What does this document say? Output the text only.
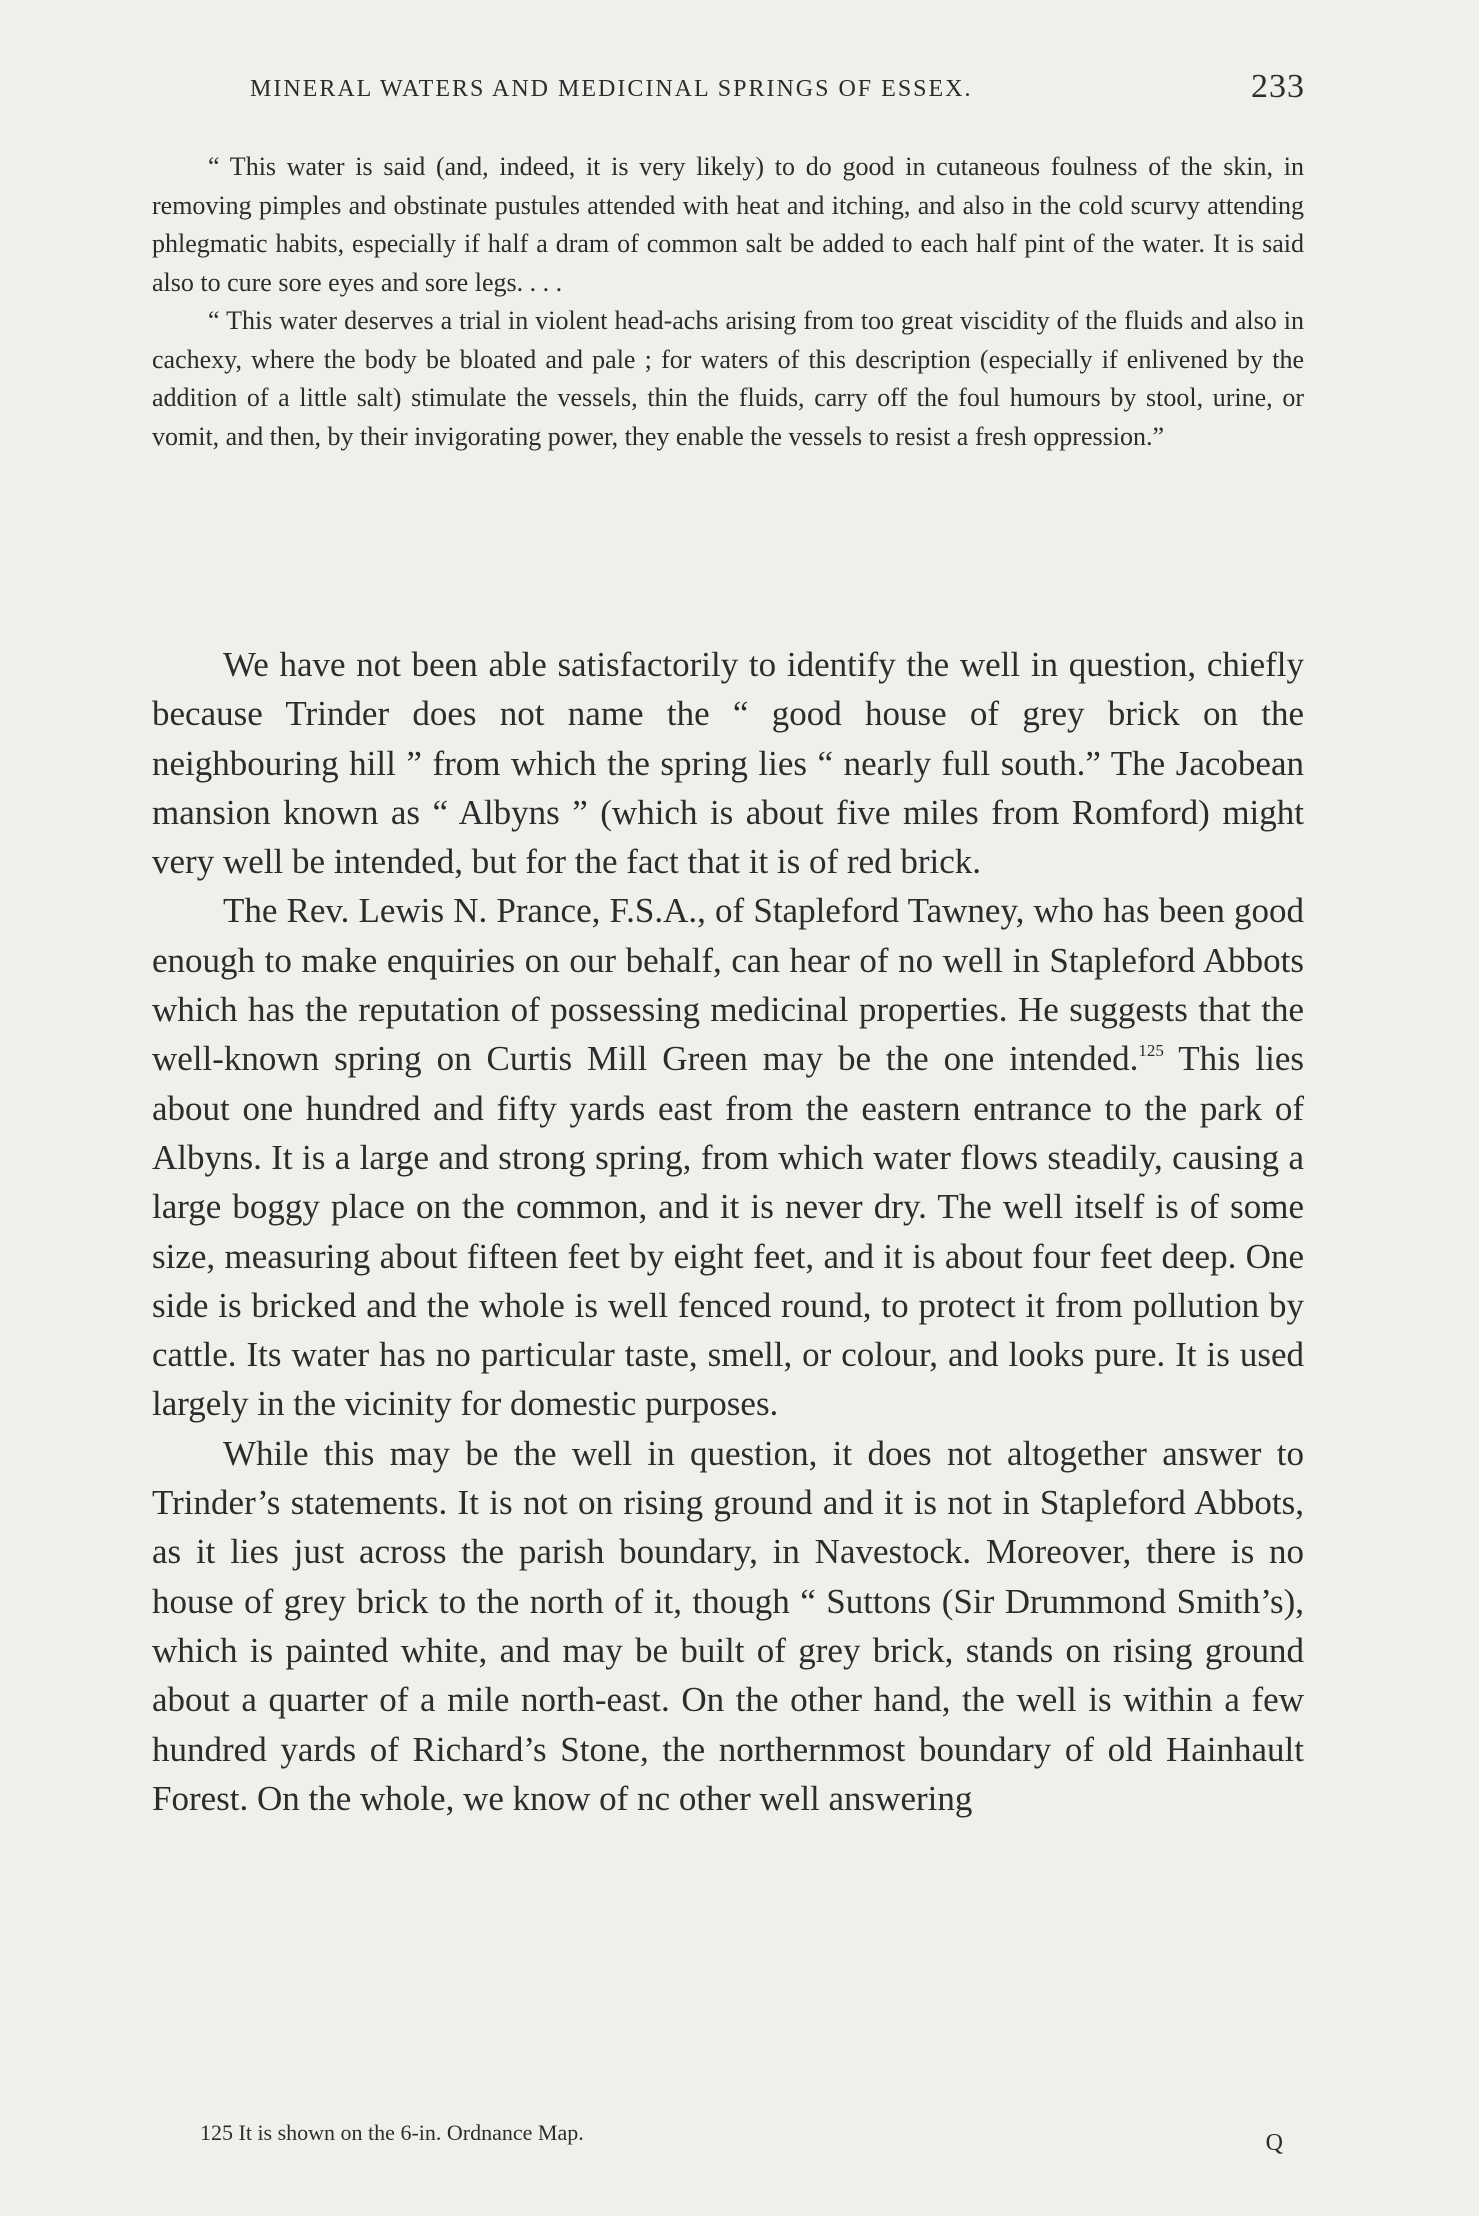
MINERAL WATERS AND MEDICINAL SPRINGS OF ESSEX.	233

“ This water is said (and, indeed, it is very likely) to do good in cutaneous foulness of the skin, in removing pimples and obstinate pustules attended with heat and itching, and also in the cold scurvy attending phlegmatic habits, especially if half a dram of common salt be added to each half pint of the water. It is said also to cure sore eyes and sore legs. . . .

“ This water deserves a trial in violent head-achs arising from too great viscidity of the fluids and also in cachexy, where the body be bloated and pale ; for waters of this description (especially if enlivened by the addition of a little salt) stimulate the vessels, thin the fluids, carry off the foul humours by stool, urine, or vomit, and then, by their invigorating power, they enable the vessels to resist a fresh oppression.”

We have not been able satisfactorily to identify the well in question, chiefly because Trinder does not name the “ good house of grey brick on the neighbouring hill ” from which the spring lies “ nearly full south.” The Jacobean mansion known as “ Albyns ” (which is about five miles from Romford) might very well be intended, but for the fact that it is of red brick.

The Rev. Lewis N. Prance, F.S.A., of Stapleford Tawney, who has been good enough to make enquiries on our behalf, can hear of no well in Stapleford Abbots which has the reputation of possessing medicinal properties. He suggests that the well-known spring on Curtis Mill Green may be the one intended.$^{125}$ This lies about one hundred and fifty yards east from the eastern entrance to the park of Albyns. It is a large and strong spring, from which water flows steadily, causing a large boggy place on the common, and it is never dry. The well itself is of some size, measuring about fifteen feet by eight feet, and it is about four feet deep. One side is bricked and the whole is well fenced round, to protect it from pollution by cattle. Its water has no particular taste, smell, or colour, and looks pure. It is used largely in the vicinity for domestic purposes.

While this may be the well in question, it does not altogether answer to Trinder’s statements. It is not on rising ground and it is not in Stapleford Abbots, as it lies just across the parish boundary, in Navestock. Moreover, there is no house of grey brick to the north of it, though “ Suttons (Sir Drummond Smith’s), which is painted white, and may be built of grey brick, stands on rising ground about a quarter of a mile north-east. On the other hand, the well is within a few hundred yards of Richard’s Stone, the northernmost boundary of old Hainhault Forest. On the whole, we know of nc other well answering

125 It is shown on the 6-in. Ordnance Map.	Q
